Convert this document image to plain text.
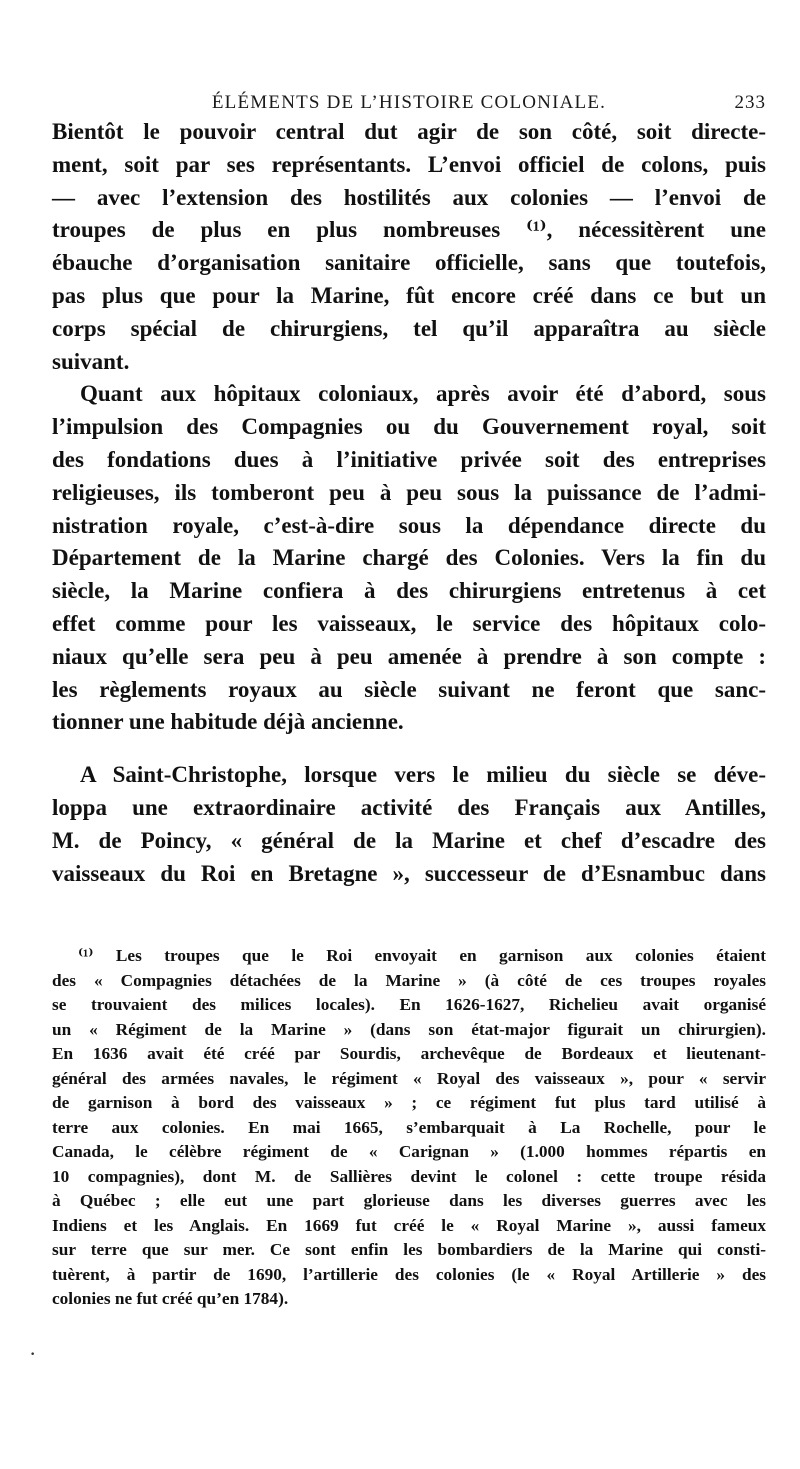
ÉLÉMENTS DE L’HISTOIRE COLONIALE.	233
Bientôt le pouvoir central dut agir de son côté, soit directe-
ment, soit par ses représentants. L’envoi officiel de colons, puis
— avec l’extension des hostilités aux colonies — l’envoi de
troupes de plus en plus nombreuses ⁽¹⁾, nécessitèrent une
ébauche d’organisation sanitaire officielle, sans que toutefois,
pas plus que pour la Marine, fût encore créé dans ce but un
corps spécial de chirurgiens, tel qu’il apparaîtra au siècle
suivant.
Quant aux hôpitaux coloniaux, après avoir été d’abord, sous
l’impulsion des Compagnies ou du Gouvernement royal, soit
des fondations dues à l’initiative privée soit des entreprises
religieuses, ils tomberont peu à peu sous la puissance de l’admi-
nistration royale, c’est-à-dire sous la dépendance directe du
Département de la Marine chargé des Colonies. Vers la fin du
siècle, la Marine confiera à des chirurgiens entretenus à cet
effet comme pour les vaisseaux, le service des hôpitaux colo-
niaux qu’elle sera peu à peu amenée à prendre à son compte :
les règlements royaux au siècle suivant ne feront que sanc-
tionner une habitude déjà ancienne.
A Saint-Christophe, lorsque vers le milieu du siècle se déve-
loppa une extraordinaire activité des Français aux Antilles,
M. de Poincy, « général de la Marine et chef d’escadre des
vaisseaux du Roi en Bretagne », successeur de d’Esnambuc dans
⁽¹⁾ Les troupes que le Roi envoyait en garnison aux colonies étaient
des « Compagnies détachées de la Marine » (à côté de ces troupes royales
se trouvaient des milices locales). En 1626-1627, Richelieu avait organisé
un « Régiment de la Marine » (dans son état-major figurait un chirurgien).
En 1636 avait été créé par Sourdis, archevêque de Bordeaux et lieutenant-
général des armées navales, le régiment « Royal des vaisseaux », pour « servir
de garnison à bord des vaisseaux » ; ce régiment fut plus tard utilisé à
terre aux colonies. En mai 1665, s’embarquait à La Rochelle, pour le
Canada, le célèbre régiment de « Carignan » (1.000 hommes répartis en
10 compagnies), dont M. de Sallières devint le colonel : cette troupe résida
à Québec ; elle eut une part glorieuse dans les diverses guerres avec les
Indiens et les Anglais. En 1669 fut créé le « Royal Marine », aussi fameux
sur terre que sur mer. Ce sont enfin les bombardiers de la Marine qui consti-
tuèrent, à partir de 1690, l’artillerie des colonies (le « Royal Artillerie » des
colonies ne fut créé qu’en 1784).
·
